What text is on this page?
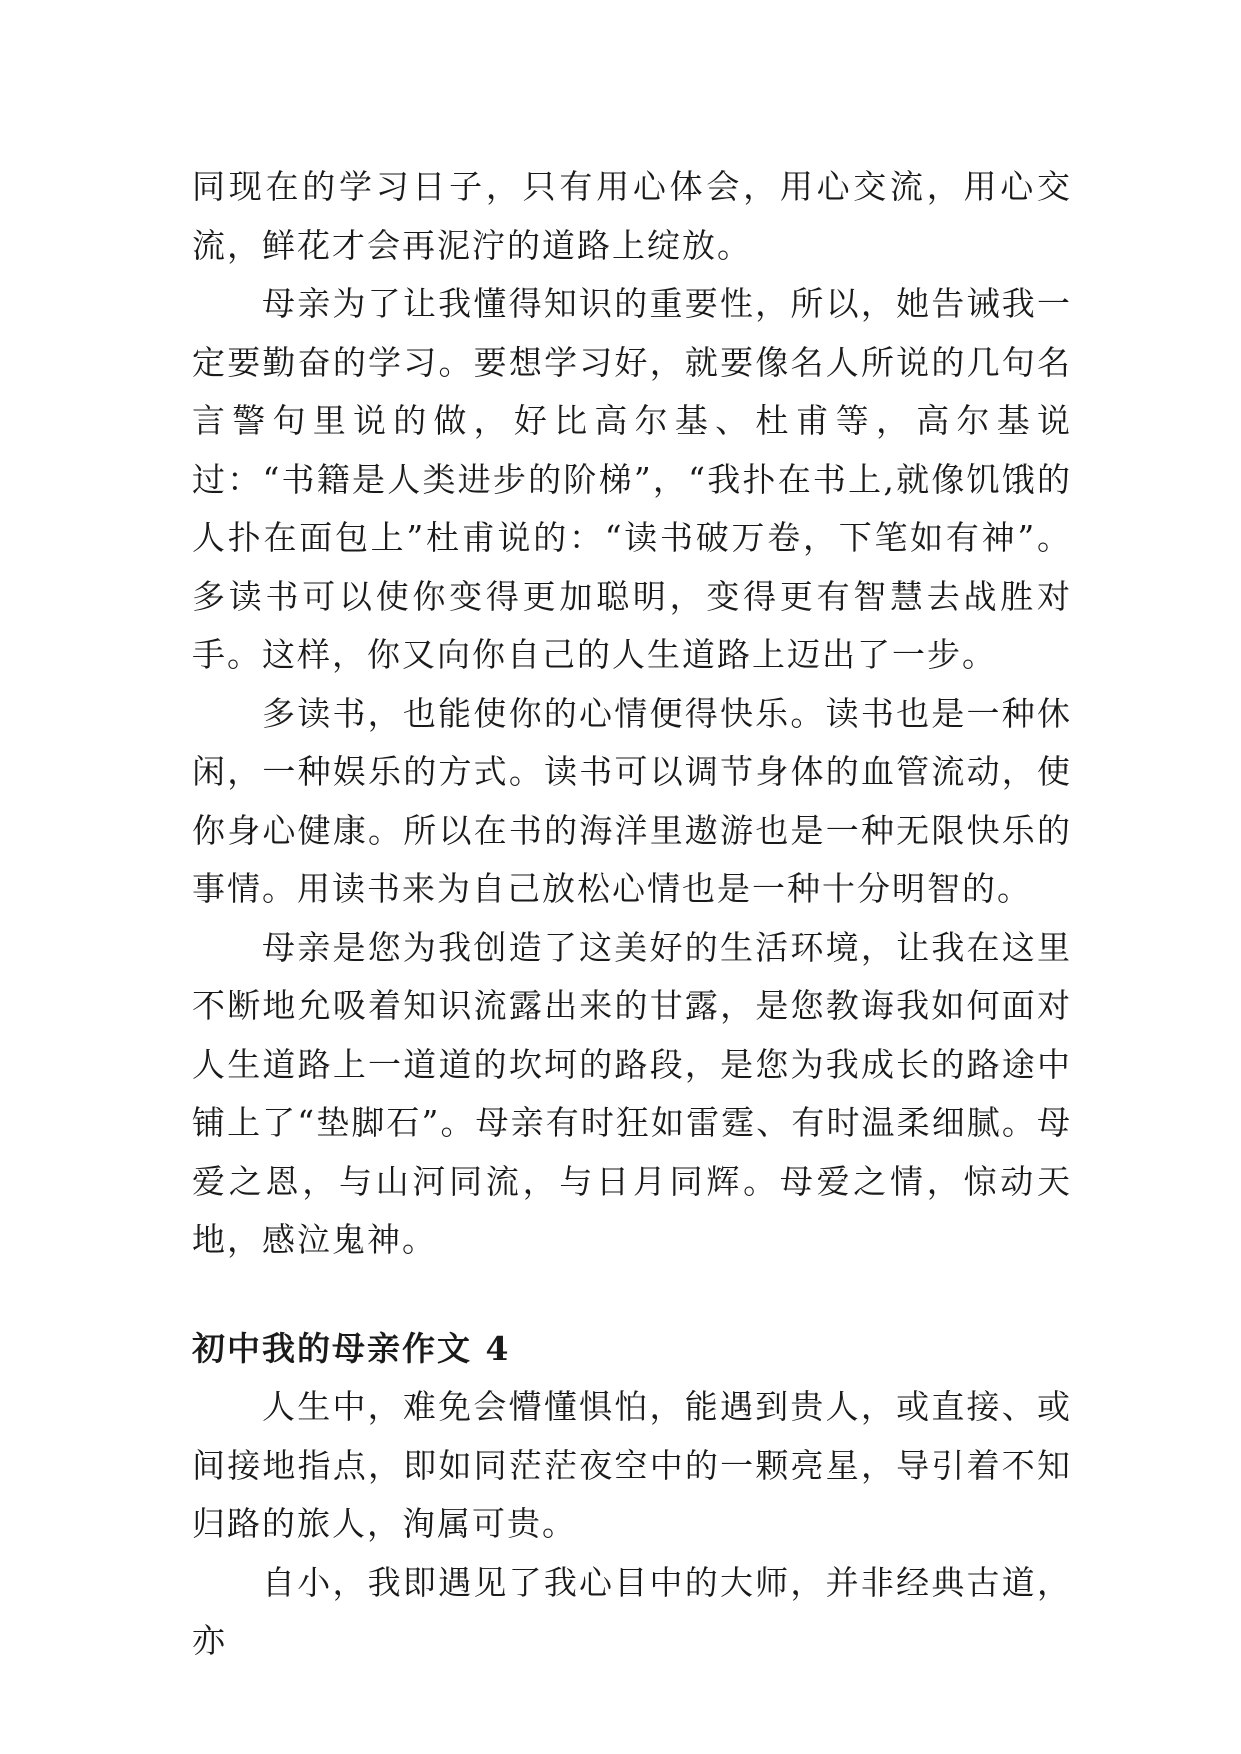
同现在的学习日子，只有用心体会，用心交流，用心交流，鲜花才会再泥泞的道路上绽放。

母亲为了让我懂得知识的重要性，所以，她告诫我一定要勤奋的学习。要想学习好，就要像名人所说的几句名言警句里说的做，好比高尔基、杜甫等，高尔基说过：“书籍是人类进步的阶梯”，“我扑在书上,就像饥饿的人扑在面包上”杜甫说的：“读书破万卷，下笔如有神”。多读书可以使你变得更加聪明，变得更有智慧去战胜对手。这样，你又向你自己的人生道路上迈出了一步。

多读书，也能使你的心情便得快乐。读书也是一种休闲，一种娱乐的方式。读书可以调节身体的血管流动，使你身心健康。所以在书的海洋里遨游也是一种无限快乐的事情。用读书来为自己放松心情也是一种十分明智的。

母亲是您为我创造了这美好的生活环境，让我在这里不断地允吸着知识流露出来的甘露，是您教诲我如何面对人生道路上一道道的坎坷的路段，是您为我成长的路途中铺上了“垫脚石”。母亲有时狂如雷霆、有时温柔细腻。母爱之恩，与山河同流，与日月同辉。母爱之情，惊动天地，感泣鬼神。

初中我的母亲作文 4

人生中，难免会懵懂惧怕，能遇到贵人，或直接、或间接地指点，即如同茫茫夜空中的一颗亮星，导引着不知归路的旅人，洵属可贵。

自小，我即遇见了我心目中的大师，并非经典古道，亦
